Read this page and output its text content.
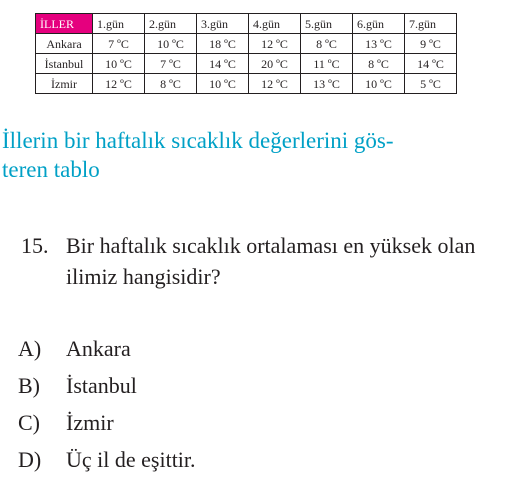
İLLER	1.gün	2.gün	3.gün	4.gün	5.gün	6.gün	7.gün
Ankara	7 ºC	10 ºC	18 ºC	12 ºC	8 ºC	13 ºC	9 ºC
İstanbul	10 ºC	7 ºC	14 ºC	20 ºC	11 ºC	8 ºC	14 ºC
İzmir	12 ºC	8 ºC	10 ºC	12 ºC	13 ºC	10 ºC	5 ºC

İllerin bir haftalık sıcaklık değerlerini gös-
teren tablo

15. Bir haftalık sıcaklık ortalaması en yüksek olan ilimiz hangisidir?
A)	Ankara
B)	İstanbul
C)	İzmir
D)	Üç il de eşittir.
